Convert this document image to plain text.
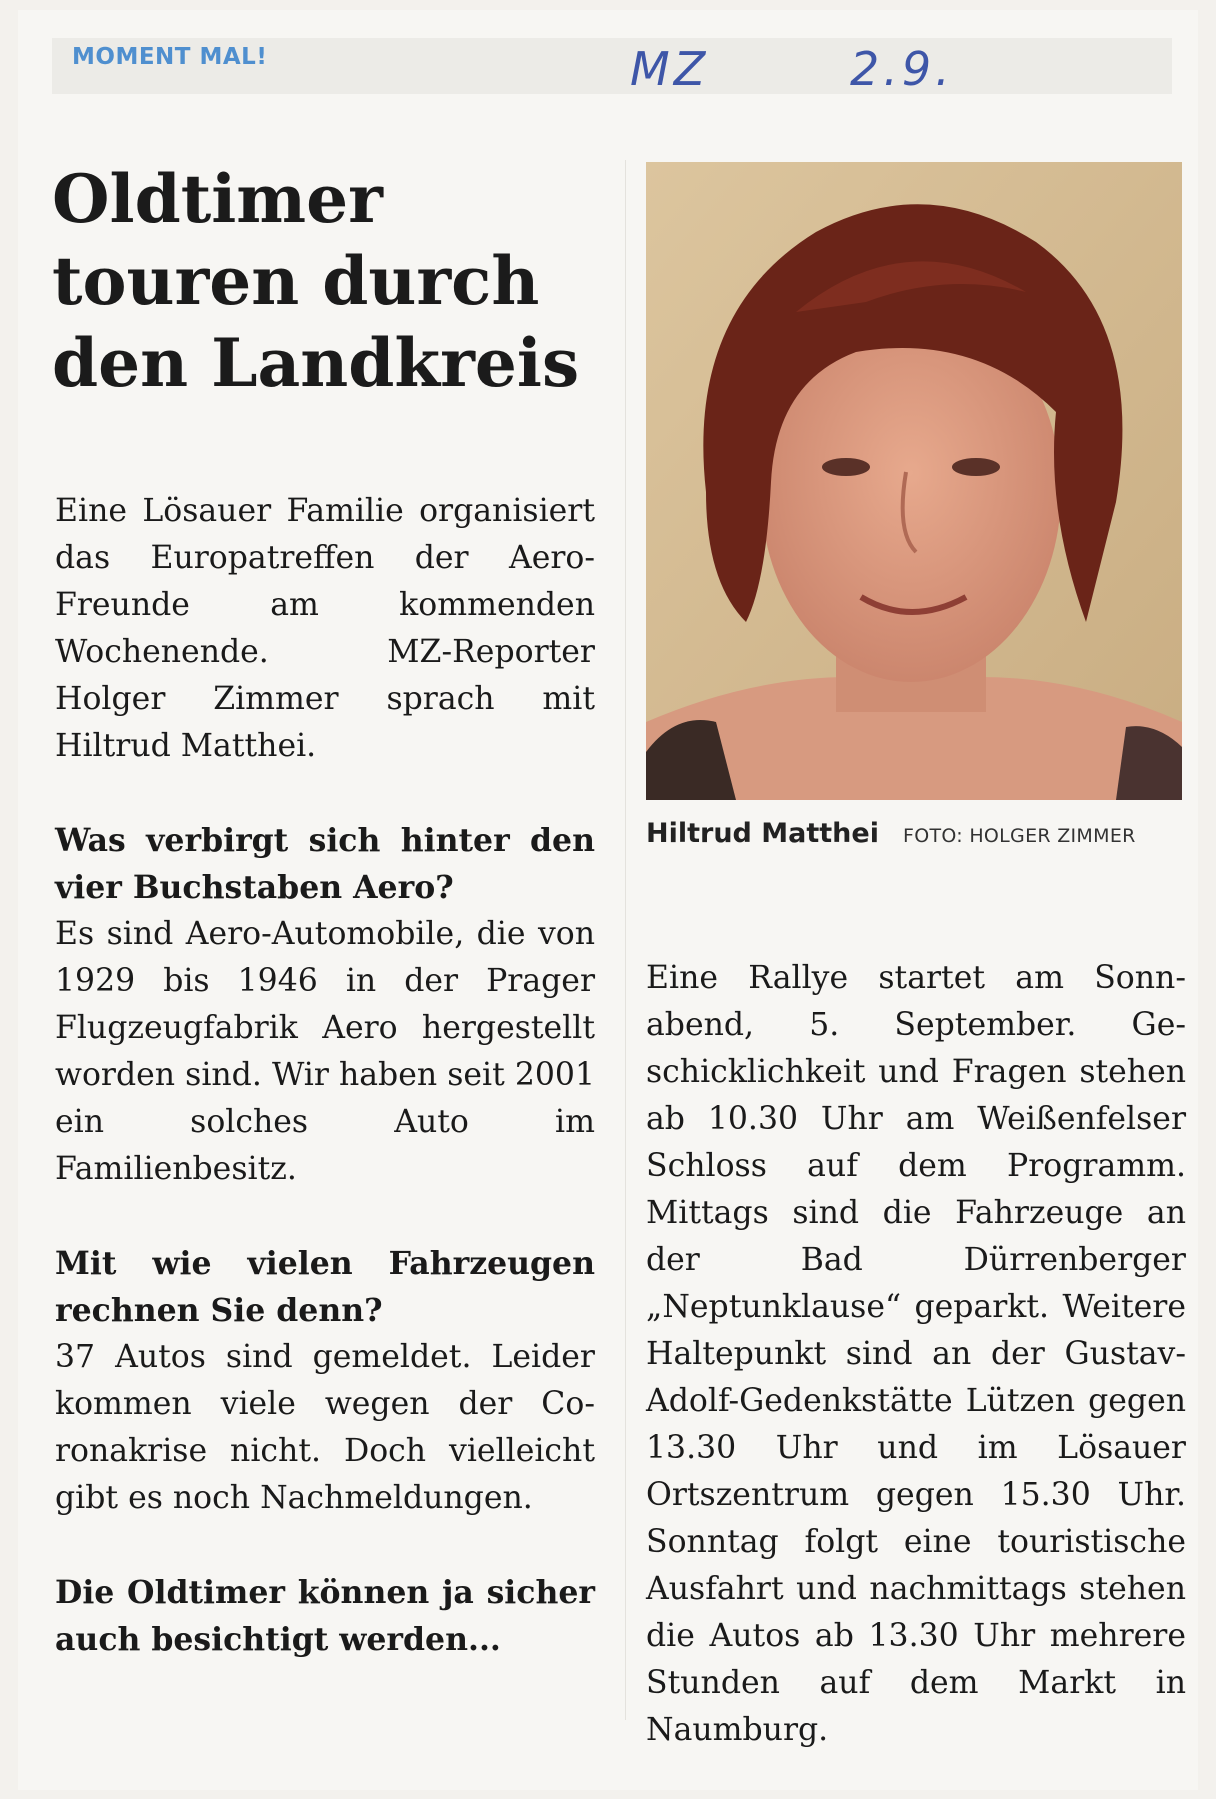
MOMENT MAL!	MZ	2.9.
Oldtimer touren durch den Landkreis

Eine Lösauer Familie organisiert das Europatreffen der Aero-Freunde am kommenden Wochenende. MZ-Reporter Holger Zimmer sprach mit Hiltrud Matthei.

Was verbirgt sich hinter den vier Buchstaben Aero?

Es sind Aero-Automobile, die von 1929 bis 1946 in der Prager Flugzeugfabrik Aero hergestellt worden sind. Wir haben seit 2001 ein solches Auto im Familienbesitz.

Mit wie vielen Fahrzeugen rechnen Sie denn?

37 Autos sind gemeldet. Leider kommen viele wegen der Coronakrise nicht. Doch vielleicht gibt es noch Nachmeldungen.

Die Oldtimer können ja sicher auch besichtigt werden...

Hiltrud Matthei FOTO: HOLGER ZIMMER

Eine Rallye startet am Sonnabend, 5. September. Geschicklichkeit und Fragen stehen ab 10.30 Uhr am Weißenfelser Schloss auf dem Programm. Mittags sind die Fahrzeuge an der Bad Dürrenberger „Neptunklause“ geparkt. Weitere Haltepunkt sind an der Gustav-Adolf-Gedenkstätte Lützen gegen 13.30 Uhr und im Lösauer Ortszentrum gegen 15.30 Uhr. Sonntag folgt eine touristische Ausfahrt und nachmittags stehen die Autos ab 13.30 Uhr mehrere Stunden auf dem Markt in Naumburg.
